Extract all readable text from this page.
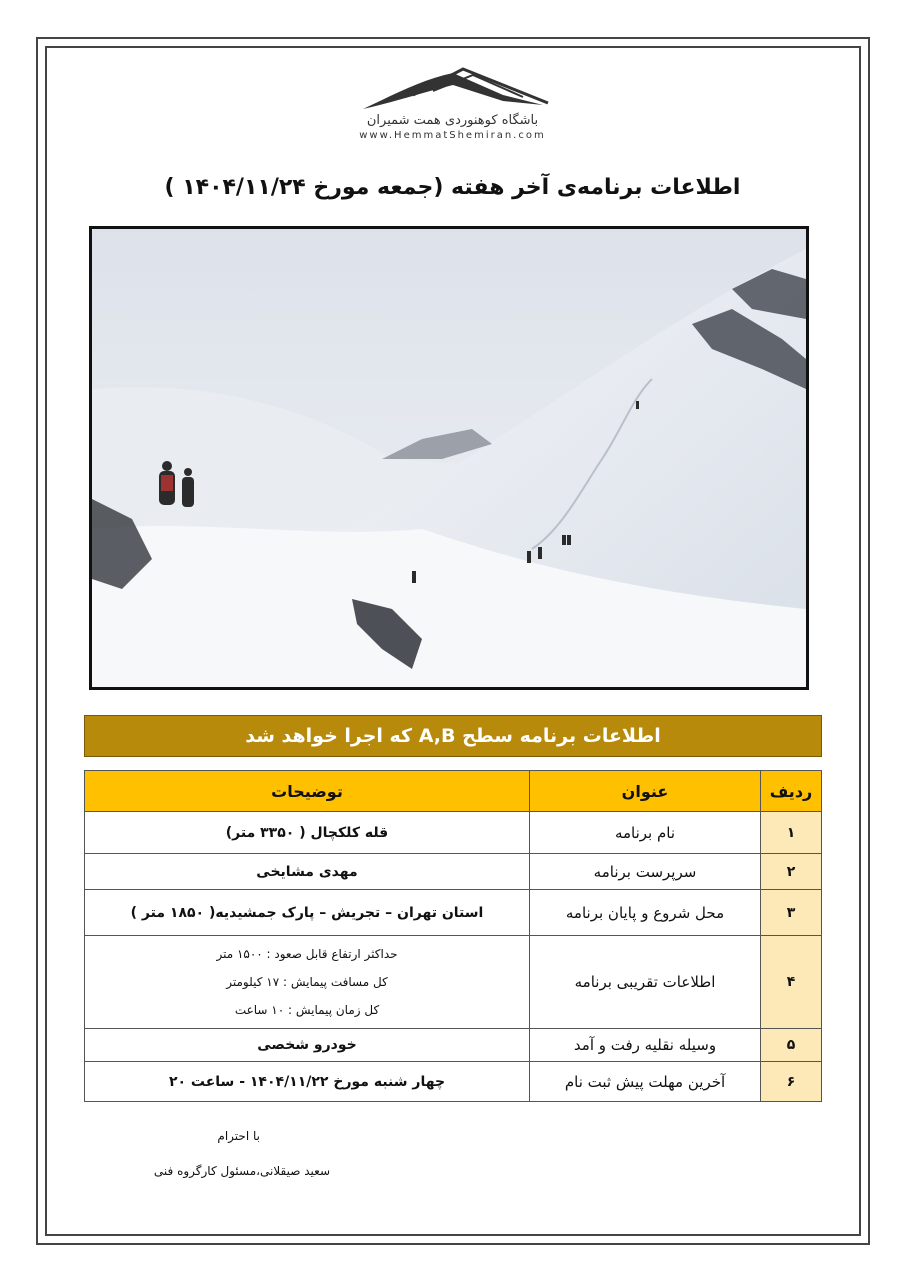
باشگاه کوهنوردی همت شمیران
www.HemmatShemiran.com
اطلاعات برنامه‌ی آخر هفته (جمعه مورخ ۱۴۰۴/۱۱/۲۴ )
اطلاعات برنامه سطح A,B که اجرا خواهد شد
ردیف	عنوان	توضیحات
۱	نام برنامه	قله کلکچال ( ۳۳۵۰ متر)
۲	سرپرست برنامه	مهدی مشایخی
۳	محل شروع و پایان برنامه	استان تهران – تجریش – پارک جمشیدیه( ۱۸۵۰ متر )
۴	اطلاعات تقریبی برنامه	حداکثر ارتفاع قابل صعود : ۱۵۰۰ متر
کل مسافت پیمایش : ۱۷ کیلومتر
کل زمان پیمایش : ۱۰ ساعت

۵	وسیله نقلیه رفت و آمد	خودرو شخصی
۶	آخرین مهلت پیش ثبت نام	چهار شنبه مورخ ۱۴۰۴/۱۱/۲۲ - ساعت ۲۰
با احترام
سعید صیقلانی،مسئول کارگروه فنی
